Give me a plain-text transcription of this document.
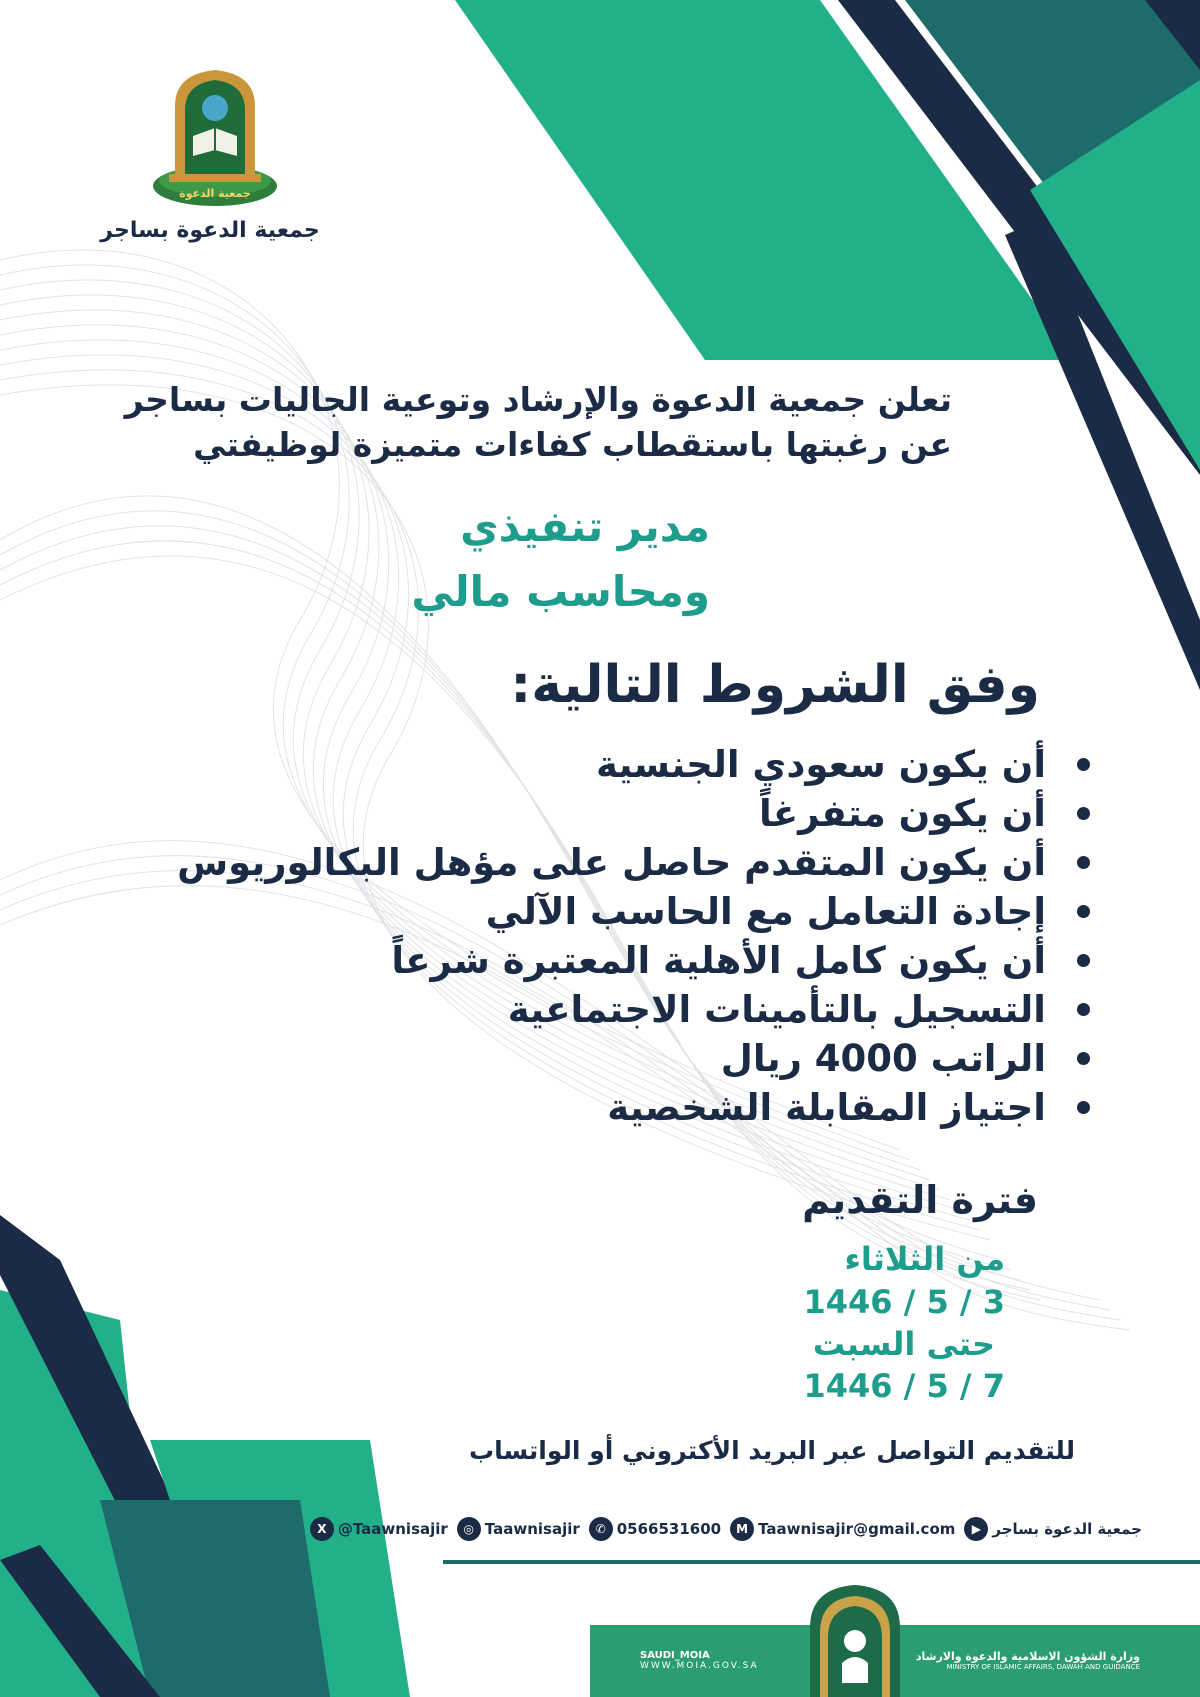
جمعية الدعوة
جمعية الدعوة بساجر
تعلن جمعية الدعوة والإرشاد وتوعية الجاليات بساجر
عن رغبتها باستقطاب كفاءات متميزة لوظيفتي
مدير تنفيذي
ومحاسب مالي
وفق الشروط التالية:
أن يكون سعودي الجنسية
أن يكون متفرغاً
أن يكون المتقدم حاصل على مؤهل البكالوريوس
إجادة التعامل مع الحاسب الآلي
أن يكون كامل الأهلية المعتبرة شرعاً
التسجيل بالتأمينات الاجتماعية
الراتب 4000 ريال
اجتياز المقابلة الشخصية
فترة التقديم
من الثلاثاء
1446 / 5 / 3
حتى السبت
1446 / 5 / 7
للتقديم التواصل عبر البريد الأكتروني أو الواتساب
▶ جمعية الدعوة بساجر
M Taawnisajir@gmail.com
✆ 0566531600
◎ Taawnisajir
X @Taawnisajir
وزارة الشؤون الاسلامية والدعوة والارشاد
MINISTRY OF ISLAMIC AFFAIRS, DAWAH AND GUIDANCE
SAUDI_MOIA
WWW.MOIA.GOV.SA
